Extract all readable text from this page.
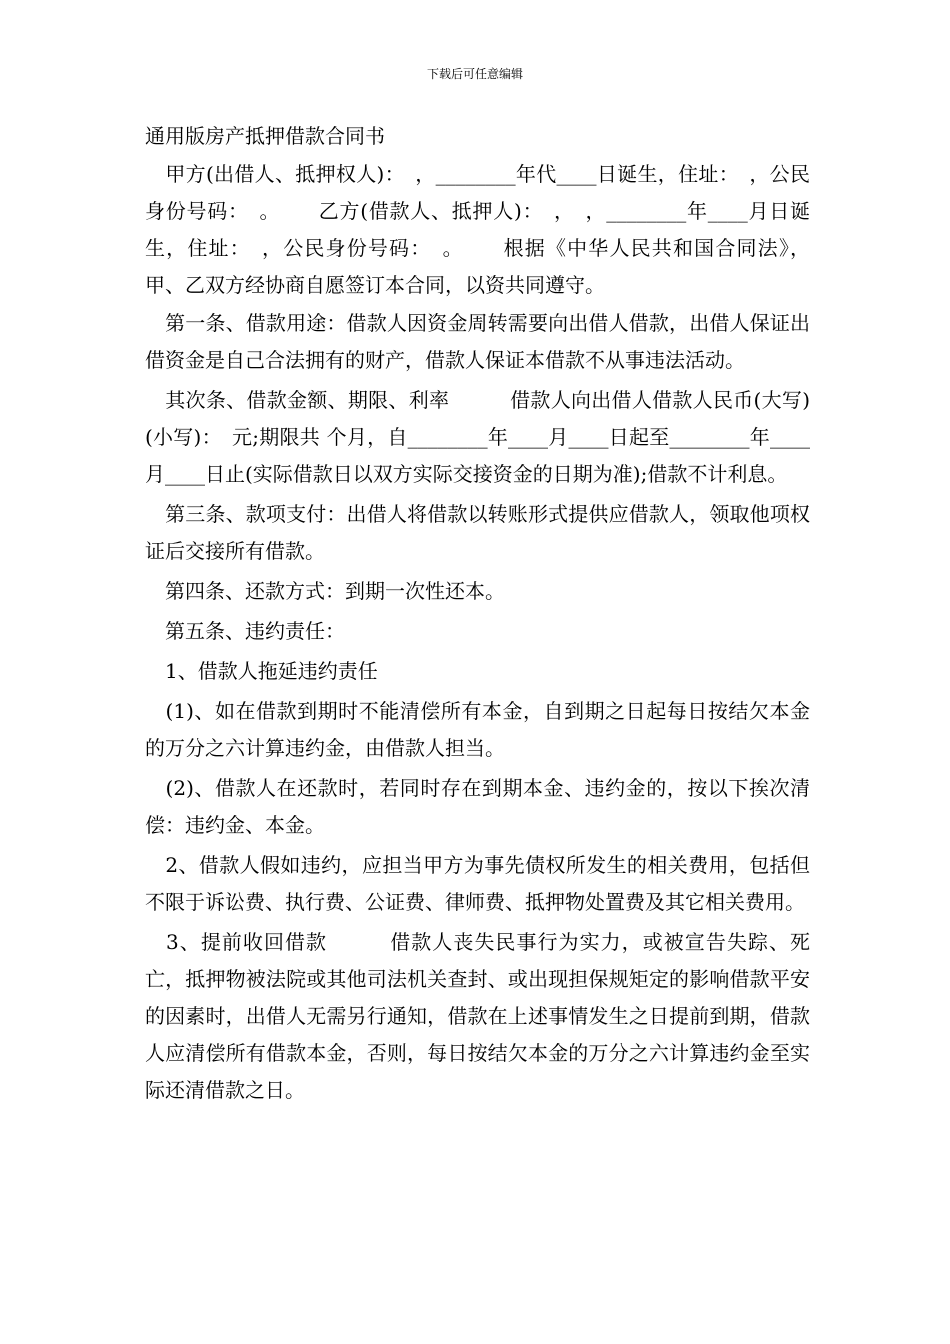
下载后可任意编辑
通用版房产抵押借款合同书

　甲方(出借人、抵押权人)：　，________年代____日诞生，住址：　，公民身份号码：　。　　 乙方(借款人、抵押人)：　，　，________年____月日诞生，住址：　，公民身份号码：　。　　 根据《中华人民共和国合同法》，甲、乙双方经协商自愿签订本合同，以资共同遵守。

　第一条、借款用途：借款人因资金周转需要向出借人借款，出借人保证出借资金是自己合法拥有的财产，借款人保证本借款不从事违法活动。

　其次条、借款金额、期限、利率　　　借款人向出借人借款人民币(大写) (小写)：　元;期限共 个月，自________年____月____日起至________年____月____日止(实际借款日以双方实际交接资金的日期为准);借款不计利息。

　第三条、款项支付：出借人将借款以转账形式提供应借款人，领取他项权证后交接所有借款。

　第四条、还款方式：到期一次性还本。

　第五条、违约责任：

　1、借款人拖延违约责任

　(1)、如在借款到期时不能清偿所有本金，自到期之日起每日按结欠本金的万分之六计算违约金，由借款人担当。

　(2)、借款人在还款时，若同时存在到期本金、违约金的，按以下挨次清偿：违约金、本金。

　2、借款人假如违约，应担当甲方为事先债权所发生的相关费用，包括但不限于诉讼费、执行费、公证费、律师费、抵押物处置费及其它相关费用。

　3、提前收回借款　　　借款人丧失民事行为实力，或被宣告失踪、死亡，抵押物被法院或其他司法机关查封、或出现担保规矩定的影响借款平安的因素时，出借人无需另行通知，借款在上述事情发生之日提前到期，借款人应清偿所有借款本金，否则，每日按结欠本金的万分之六计算违约金至实际还清借款之日。
